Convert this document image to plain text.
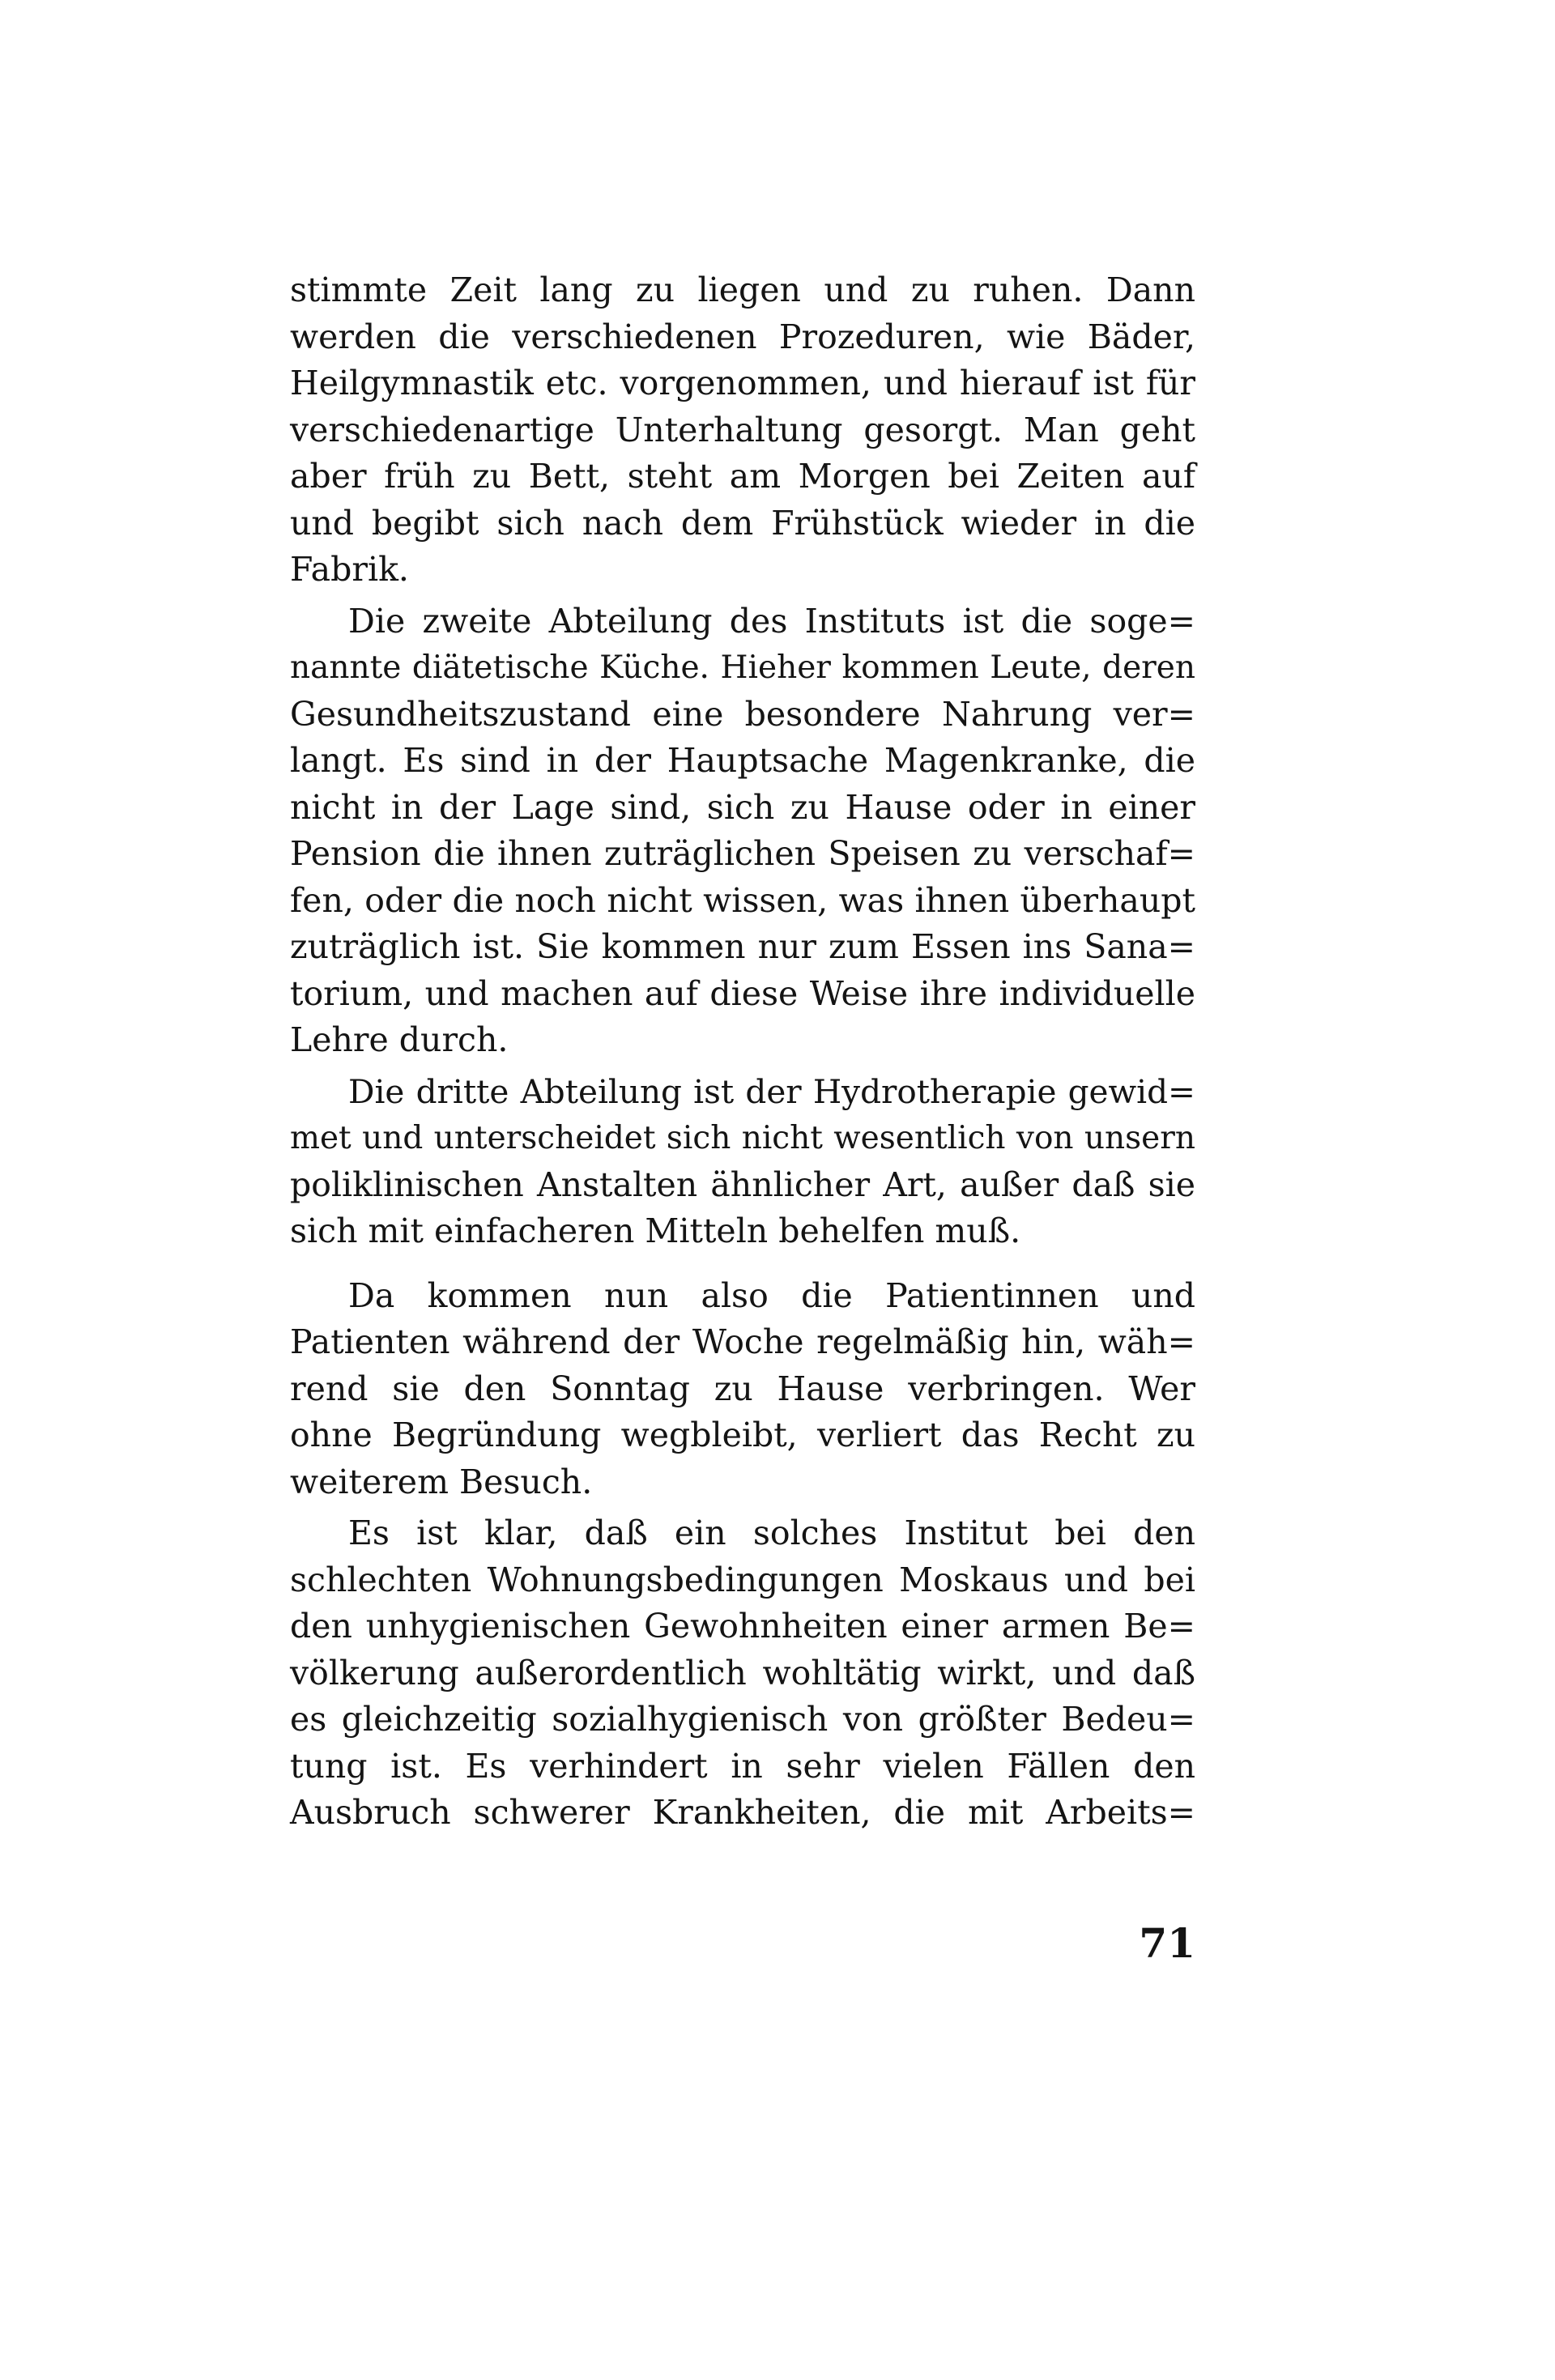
stimmte Zeit lang zu liegen und zu ruhen. Dann
werden die verschiedenen Prozeduren, wie Bäder,
Heilgymnastik etc. vorgenommen, und hierauf ist für
verschiedenartige Unterhaltung gesorgt. Man geht
aber früh zu Bett, steht am Morgen bei Zeiten auf
und begibt sich nach dem Frühstück wieder in die
Fabrik.
Die zweite Abteilung des Instituts ist die soge=
nannte diätetische Küche. Hieher kommen Leute, deren
Gesundheitszustand eine besondere Nahrung ver=
langt. Es sind in der Hauptsache Magenkranke, die
nicht in der Lage sind, sich zu Hause oder in einer
Pension die ihnen zuträglichen Speisen zu verschaf=
fen, oder die noch nicht wissen, was ihnen überhaupt
zuträglich ist. Sie kommen nur zum Essen ins Sana=
torium, und machen auf diese Weise ihre individuelle
Lehre durch.
Die dritte Abteilung ist der Hydrotherapie gewid=
met und unterscheidet sich nicht wesentlich von unsern
poliklinischen Anstalten ähnlicher Art, außer daß sie
sich mit einfacheren Mitteln behelfen muß.
Da kommen nun also die Patientinnen und
Patienten während der Woche regelmäßig hin, wäh=
rend sie den Sonntag zu Hause verbringen. Wer
ohne Begründung wegbleibt, verliert das Recht zu
weiterem Besuch.
Es ist klar, daß ein solches Institut bei den
schlechten Wohnungsbedingungen Moskaus und bei
den unhygienischen Gewohnheiten einer armen Be=
völkerung außerordentlich wohltätig wirkt, und daß
es gleichzeitig sozialhygienisch von größter Bedeu=
tung ist. Es verhindert in sehr vielen Fällen den
Ausbruch schwerer Krankheiten, die mit Arbeits=
71
